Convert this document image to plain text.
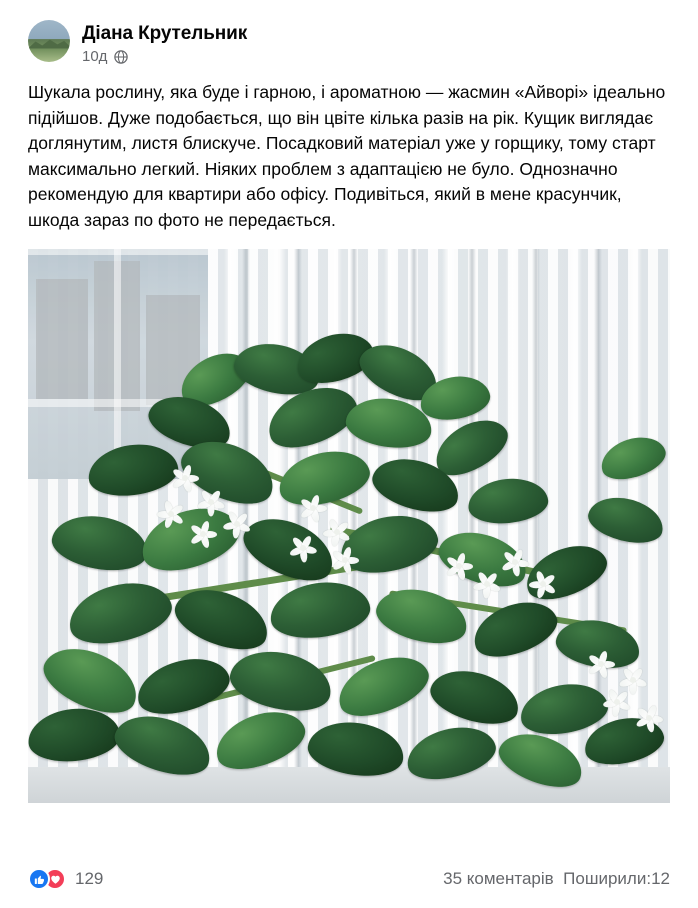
Діана Крутельник
10д
Шукала рослину, яка буде і гарною, і ароматною — жасмин «Айворі» ідеально підійшов. Дуже подобається, що він цвіте кілька разів на рік. Кущик виглядає доглянутим, листя блискуче. Посадковий матеріал уже у горщику, тому старт максимально легкий. Ніяких проблем з адаптацією не було. Однозначно рекомендую для квартири або офісу. Подивіться, який в мене красунчик, шкода зараз по фото не передається.
129	35 коментарів Поширили:12
